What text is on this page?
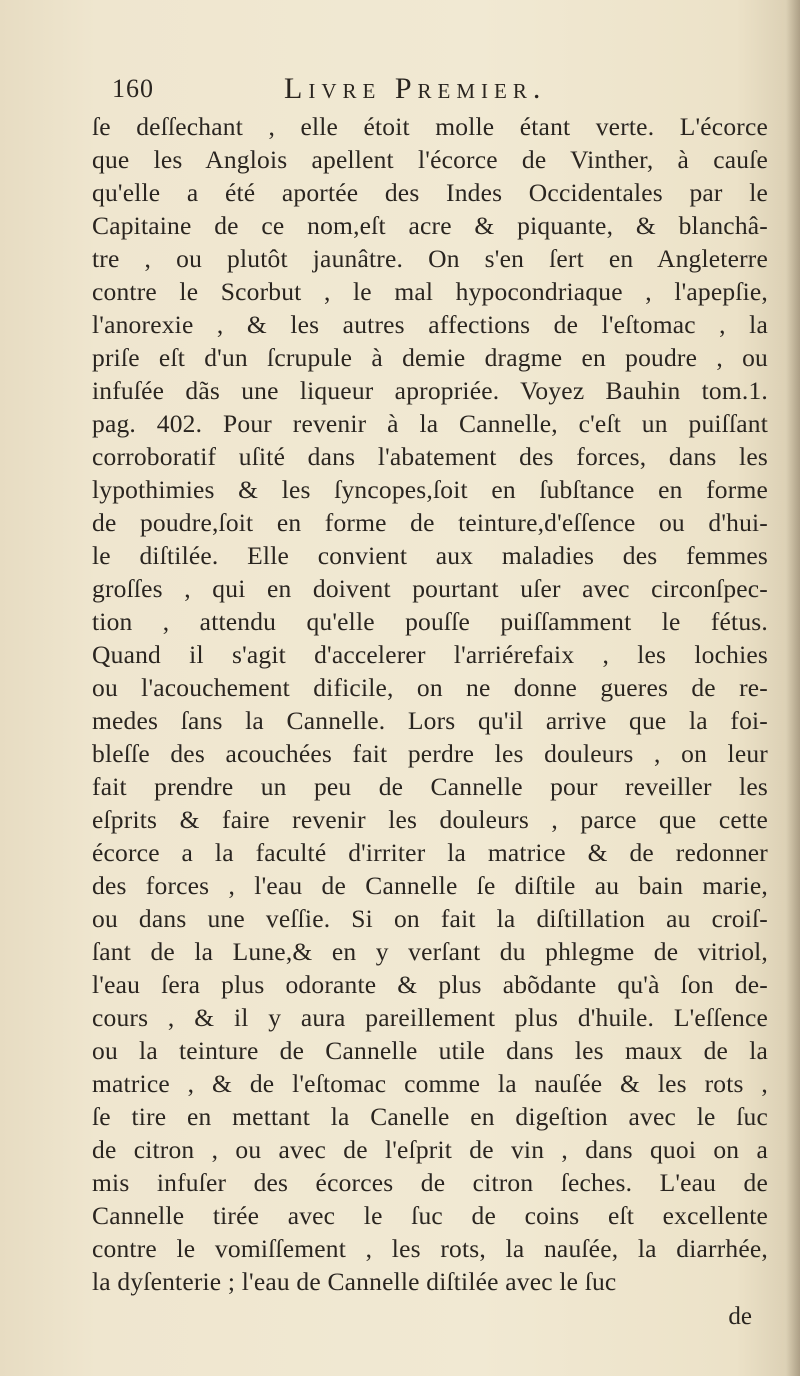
160	Livre Premier.
ſe deſſechant , elle étoit molle étant verte. L'écorce
que les Anglois apellent l'écorce de Vinther, à cauſe
qu'elle a été aportée des Indes Occidentales par le
Capitaine de ce nom,eſt acre & piquante, & blanchâ-
tre , ou plutôt jaunâtre. On s'en ſert en Angleterre
contre le Scorbut , le mal hypocondriaque , l'apepſie,
l'anorexie , & les autres affections de l'eſtomac , la
priſe eſt d'un ſcrupule à demie dragme en poudre , ou
infuſée dãs une liqueur apropriée. Voyez Bauhin tom.1.
pag. 402. Pour revenir à la Cannelle, c'eſt un puiſſant
corroboratif uſité dans l'abatement des forces, dans les
lypothimies & les ſyncopes,ſoit en ſubſtance en forme
de poudre,ſoit en forme de teinture,d'eſſence ou d'hui-
le diſtilée. Elle convient aux maladies des femmes
groſſes , qui en doivent pourtant uſer avec circonſpec-
tion , attendu qu'elle pouſſe puiſſamment le fétus.
Quand il s'agit d'accelerer l'arriérefaix , les lochies
ou l'acouchement dificile, on ne donne gueres de re-
medes ſans la Cannelle. Lors qu'il arrive que la foi-
bleſſe des acouchées fait perdre les douleurs , on leur
fait prendre un peu de Cannelle pour reveiller les
eſprits & faire revenir les douleurs , parce que cette
écorce a la faculté d'irriter la matrice & de redonner
des forces , l'eau de Cannelle ſe diſtile au bain marie,
ou dans une veſſie. Si on fait la diſtillation au croiſ-
ſant de la Lune,& en y verſant du phlegme de vitriol,
l'eau ſera plus odorante & plus abõdante qu'à ſon de-
cours , & il y aura pareillement plus d'huile. L'eſſence
ou la teinture de Cannelle utile dans les maux de la
matrice , & de l'eſtomac comme la nauſée & les rots ,
ſe tire en mettant la Canelle en digeſtion avec le ſuc
de citron , ou avec de l'eſprit de vin , dans quoi on a
mis infuſer des écorces de citron ſeches. L'eau de
Cannelle tirée avec le ſuc de coins eſt excellente
contre le vomiſſement , les rots, la nauſée, la diarrhée,
la dyſenterie ; l'eau de Cannelle diſtilée avec le ſuc
de
